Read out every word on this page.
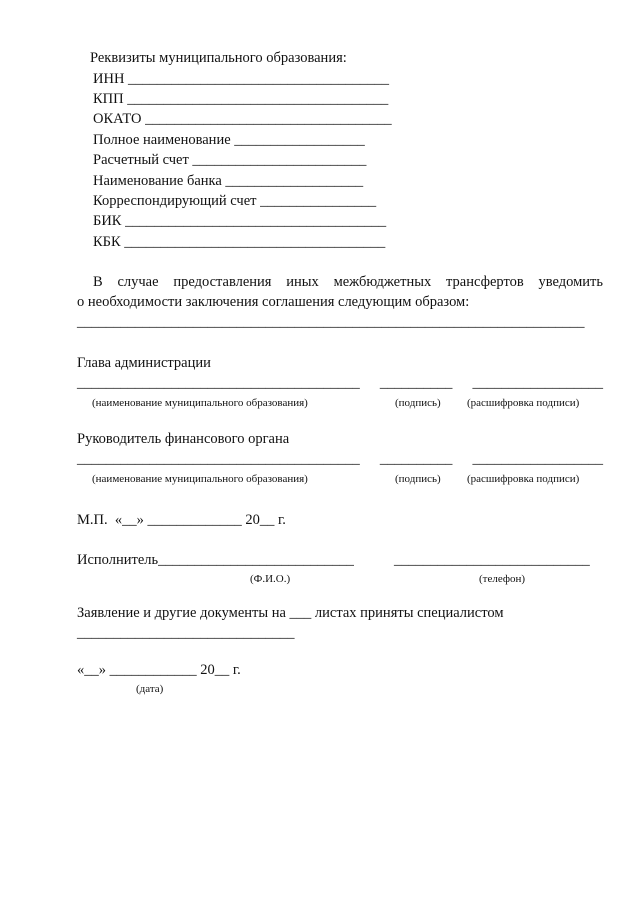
Реквизиты муниципального образования:
ИНН ____________________________________
КПП ____________________________________
ОКАТО __________________________________
Полное наименование __________________
Расчетный счет ________________________
Наименование банка ___________________
Корреспондирующий счет ________________
БИК ____________________________________
КБК ____________________________________
В случае предоставления иных межбюджетных трансфертов уведомить
о необходимости заключения соглашения следующим образом:
______________________________________________________________________
Глава администрации
_______________________________________ __________ __________________
(наименование муниципального образования)	(подпись) (расшифровка подписи)
Руководитель финансового органа
_______________________________________ __________ __________________
(наименование муниципального образования)	(подпись) (расшифровка подписи)
М.П.  «__» _____________ 20__ г.
Исполнитель___________________________	___________________________
(Ф.И.О.)	(телефон)
Заявление и другие документы на ___ листах приняты специалистом
______________________________
«__» ____________ 20__ г.
(дата)
